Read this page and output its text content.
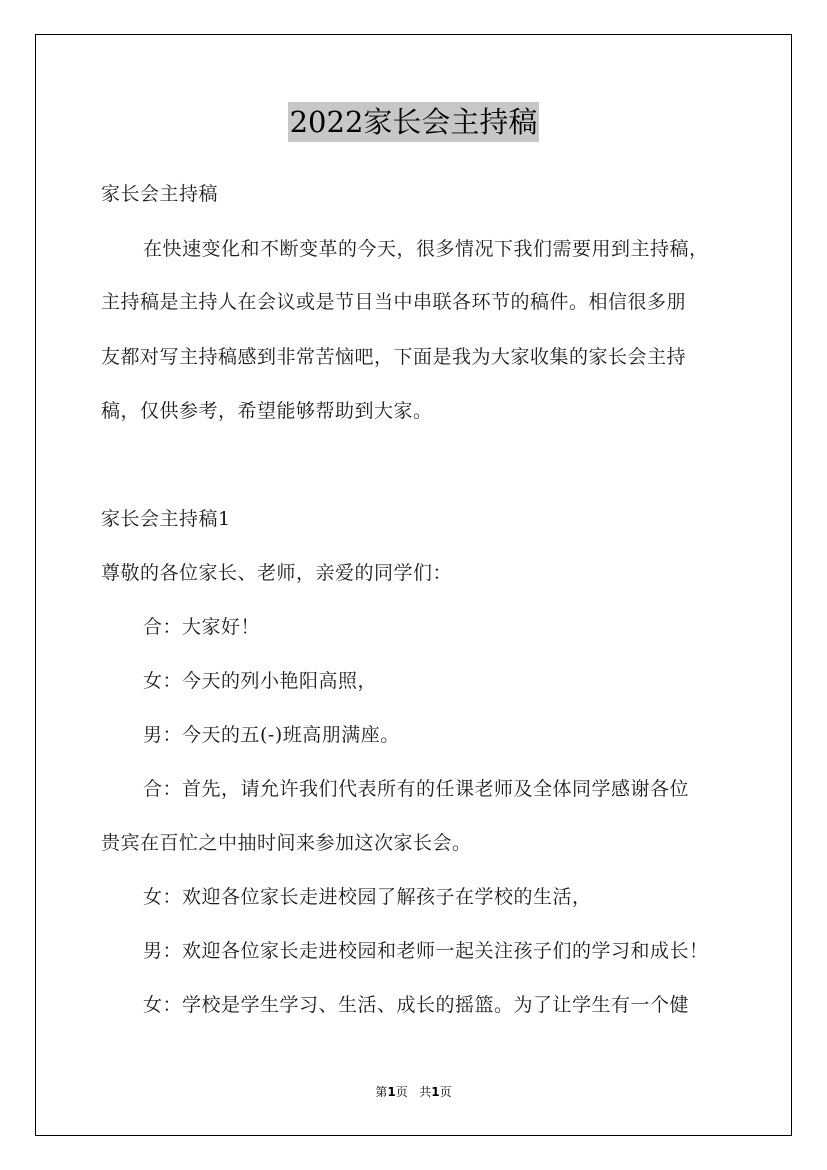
2022家长会主持稿
家长会主持稿
在快速变化和不断变革的今天，很多情况下我们需要用到主持稿，
主持稿是主持人在会议或是节目当中串联各环节的稿件。相信很多朋
友都对写主持稿感到非常苦恼吧，下面是我为大家收集的家长会主持
稿，仅供参考，希望能够帮助到大家。
家长会主持稿1
尊敬的各位家长、老师，亲爱的同学们：
合：大家好！
女：今天的列小艳阳高照，
男：今天的五(-)班高朋满座。
合：首先，请允许我们代表所有的任课老师及全体同学感谢各位
贵宾在百忙之中抽时间来参加这次家长会。
女：欢迎各位家长走进校园了解孩子在学校的生活，
男：欢迎各位家长走进校园和老师一起关注孩子们的学习和成长！
女：学校是学生学习、生活、成长的摇篮。为了让学生有一个健
第1页 共1页
